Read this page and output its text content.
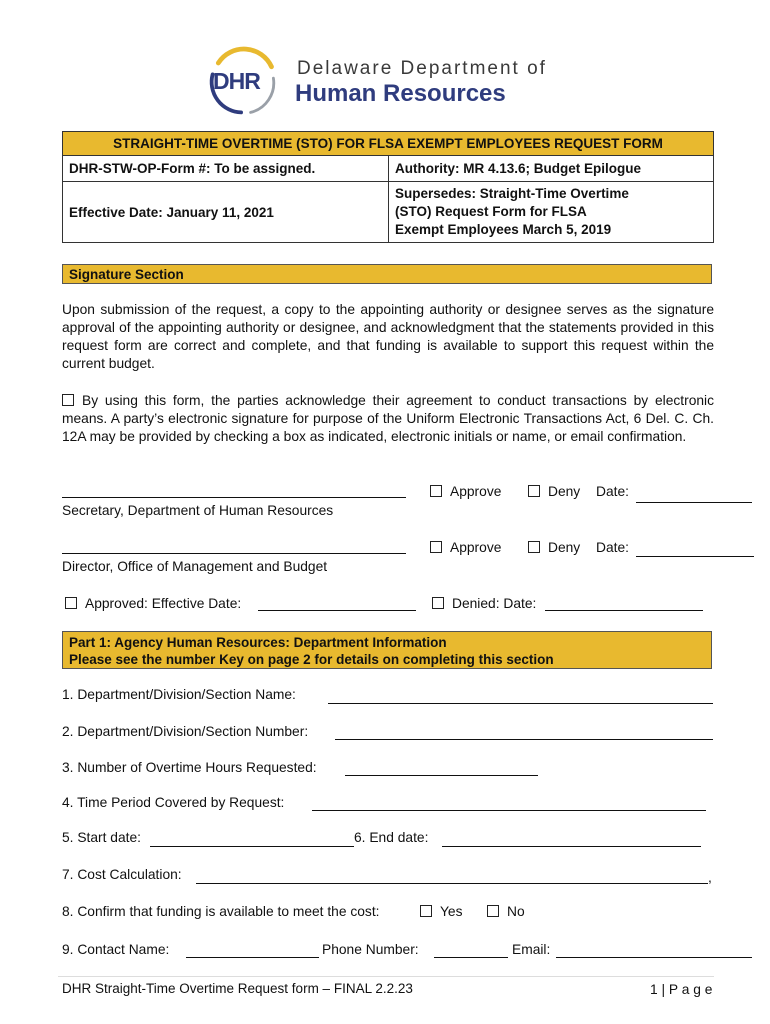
DHR Delaware Department of
Human Resources
STRAIGHT-TIME OVERTIME (STO) FOR FLSA EXEMPT EMPLOYEES REQUEST FORM	
DHR-STW-OP-Form #: To be assigned.	Authority: MR 4.13.6; Budget Epilogue
Effective Date: January 11, 2021	Supersedes: Straight-Time Overtime
(STO) Request Form for FLSA
Exempt Employees March 5, 2019
Signature Section
Upon submission of the request, a copy to the appointing authority or designee serves as the signature approval of the appointing authority or designee, and acknowledgment that the statements provided in this request form are correct and complete, and that funding is available to support this request within the current budget.
By using this form, the parties acknowledge their agreement to conduct transactions by electronic means. A party’s electronic signature for purpose of the Uniform Electronic Transactions Act, 6 Del. C. Ch. 12A may be provided by checking a box as indicated, electronic initials or name, or email confirmation.
Approve	Deny Date:
Secretary, Department of Human Resources
Approve	Deny Date:
Director, Office of Management and Budget
Approved: Effective Date:	Denied: Date:
Part 1: Agency Human Resources: Department Information
Please see the number Key on page 2 for details on completing this section
1. Department/Division/Section Name:
2. Department/Division/Section Number:
3. Number of Overtime Hours Requested:
4. Time Period Covered by Request:
5. Start date:	6. End date:
7. Cost Calculation:	,
8. Confirm that funding is available to meet the cost:	Yes	No
9. Contact Name:	Phone Number:	Email:
DHR Straight-Time Overtime Request form – FINAL 2.2.23	1 | P a g e
